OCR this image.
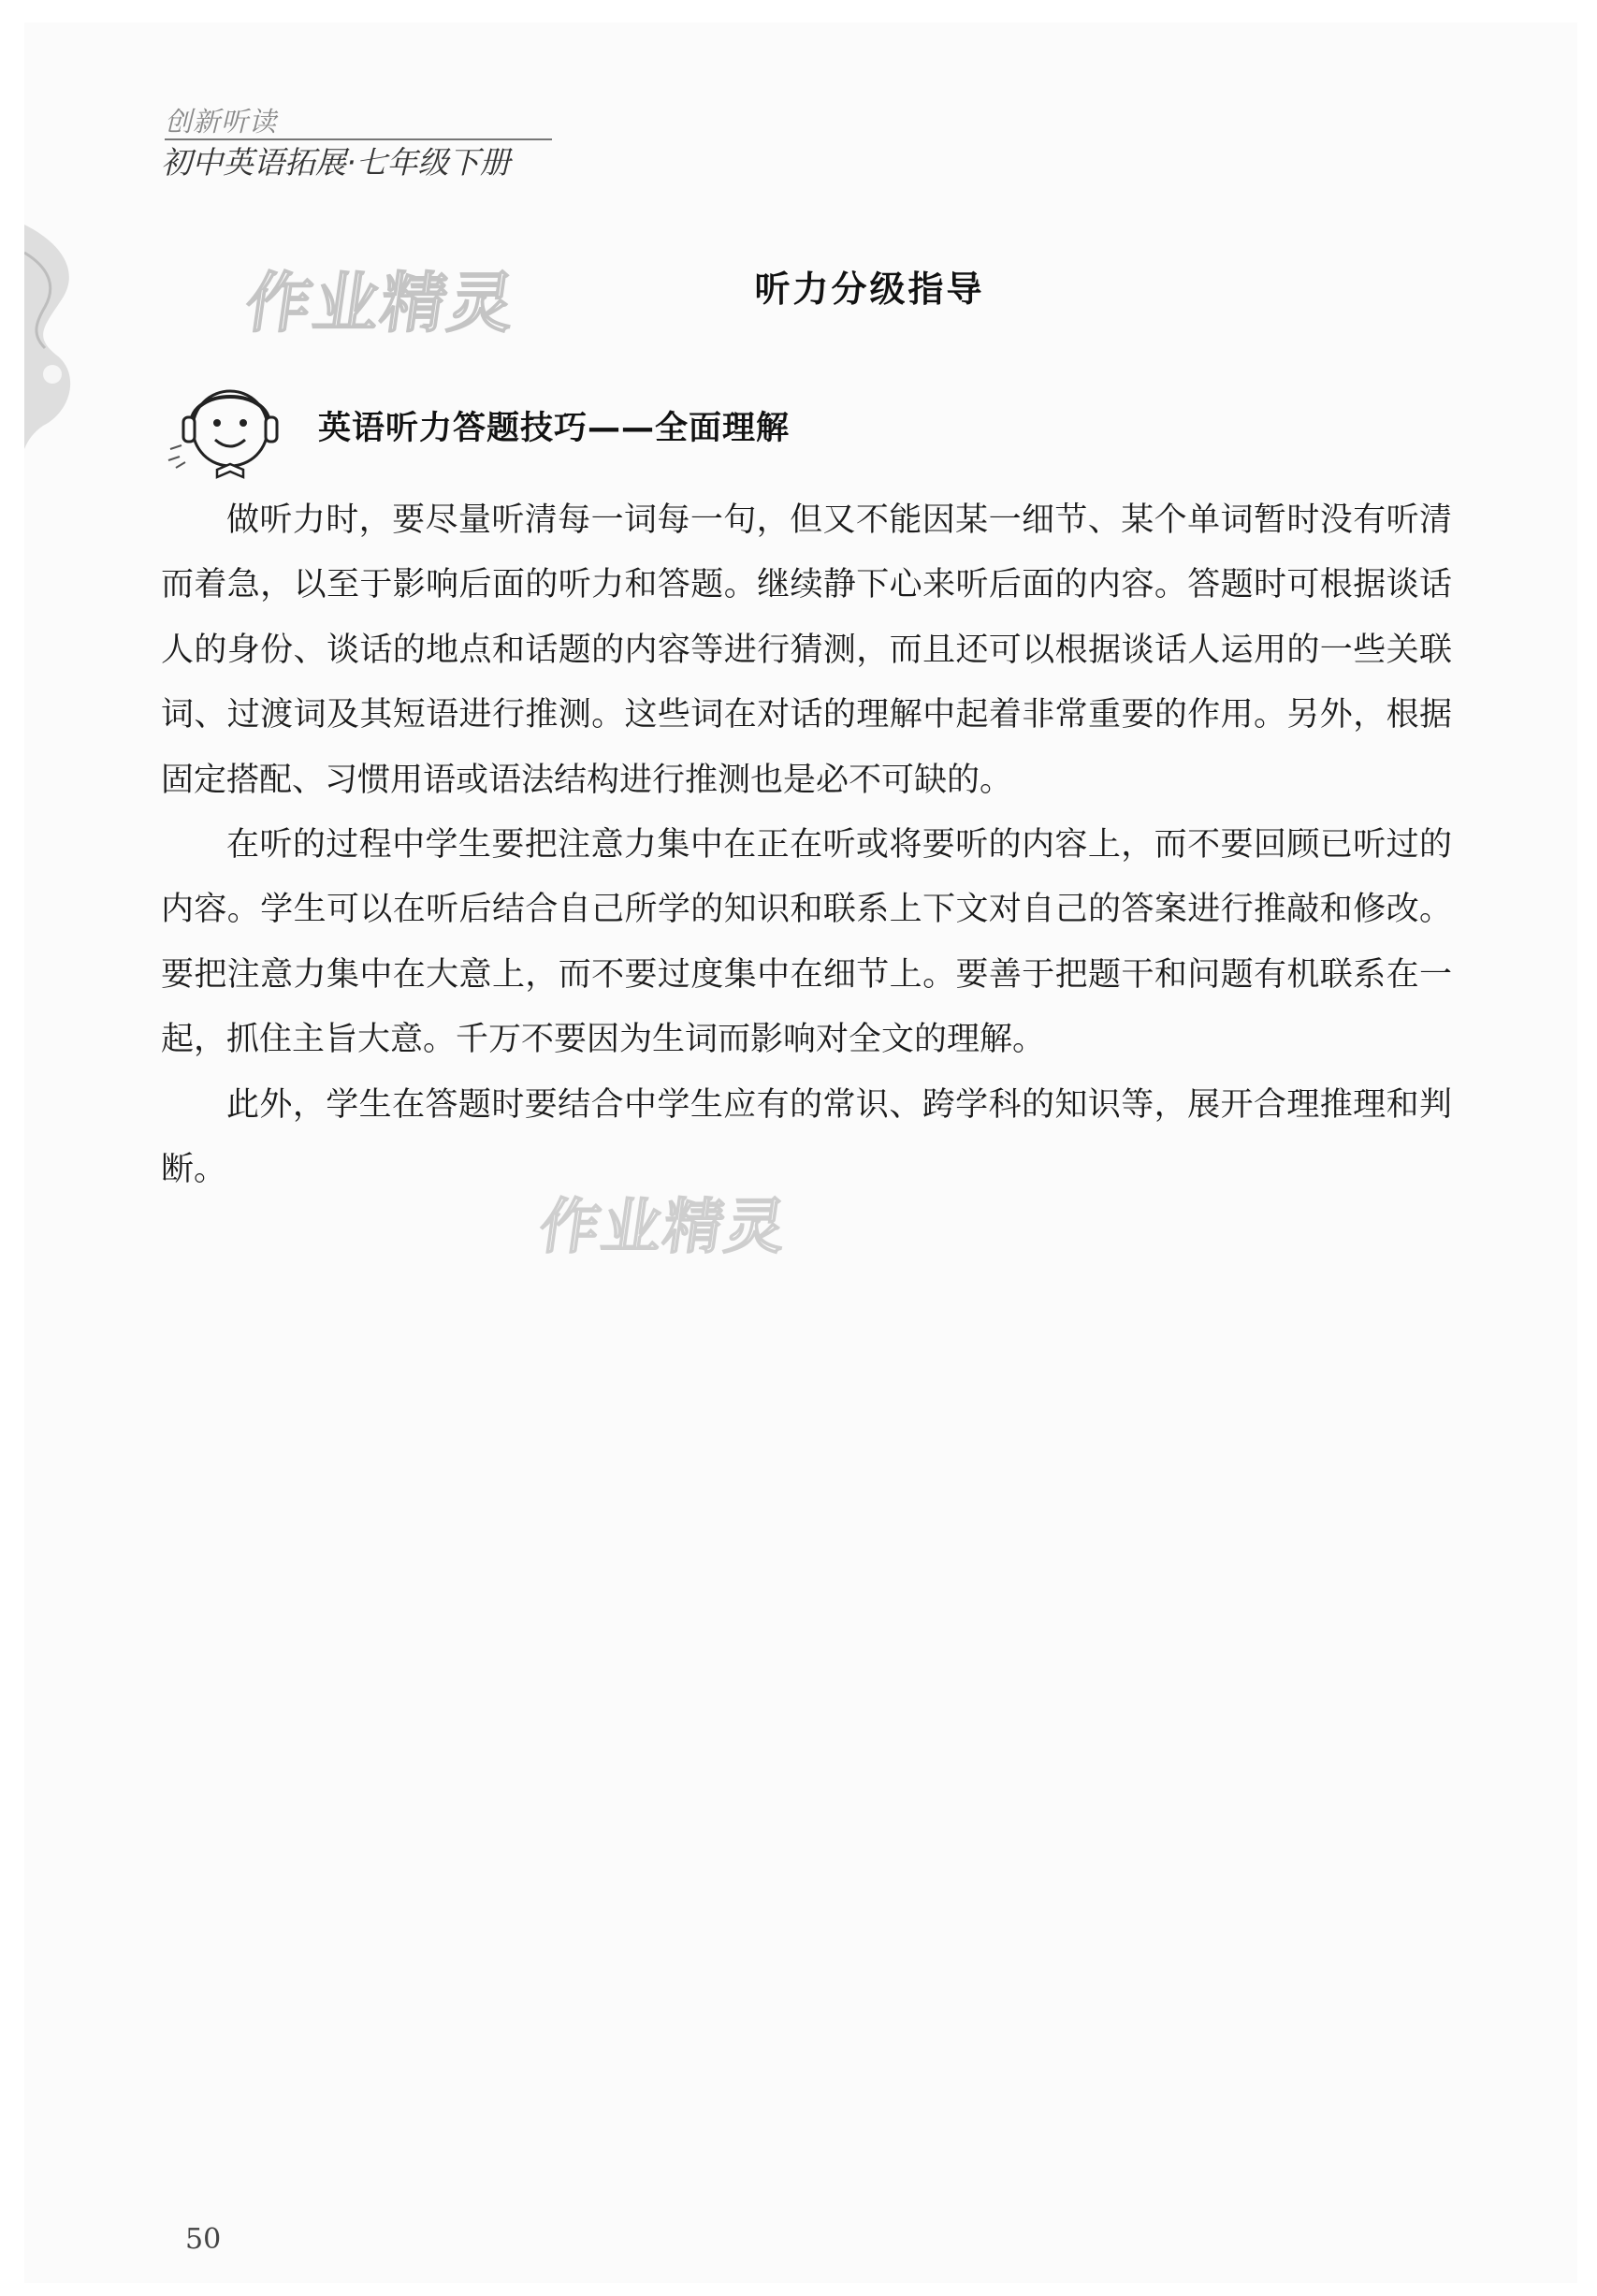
创新听读
初中英语拓展·七年级下册
作业精灵	听力分级指导
英语听力答题技巧——全面理解

做听力时，要尽量听清每一词每一句，但又不能因某一细节、某个单词暂时没有听清而着急，以至于影响后面的听力和答题。继续静下心来听后面的内容。答题时可根据谈话人的身份、谈话的地点和话题的内容等进行猜测，而且还可以根据谈话人运用的一些关联词、过渡词及其短语进行推测。这些词在对话的理解中起着非常重要的作用。另外，根据固定搭配、习惯用语或语法结构进行推测也是必不可缺的。

在听的过程中学生要把注意力集中在正在听或将要听的内容上，而不要回顾已听过的内容。学生可以在听后结合自己所学的知识和联系上下文对自己的答案进行推敲和修改。要把注意力集中在大意上，而不要过度集中在细节上。要善于把题干和问题有机联系在一起，抓住主旨大意。千万不要因为生词而影响对全文的理解。

此外，学生在答题时要结合中学生应有的常识、跨学科的知识等，展开合理推理和判断。

作业精灵
50
